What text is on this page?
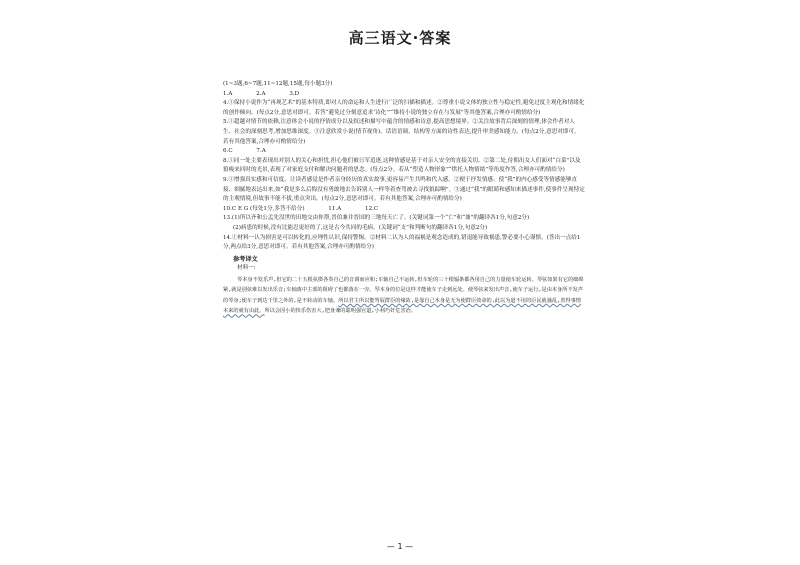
高三语文·答案

(1~3题,6~7题,11~12题,15题,每小题3分)

1.A	2.A	3.D

4.①保持小说作为“再现艺术”的基本特质,即对人的命运和人生进行广泛的扫描和描述。②尊重小说文体的独立性与稳定性,避免过度主观化和情绪化的创作倾向。(每点2分,意思对即可。若答“避免过分刻意追求‘诗化’”“维持小说的独立存在与发展”等其他答案,合理亦可酌情给分)

5.①超越对情节的依赖,注意体会小说的抒情成分以及叙述和描写中蕴含的情感和诗意,提高思想境界。②关注故事背后深刻的情理,体会作者对人生、社会的深刻思考,增加思维深度。③注意欣赏小说(情节视角)、话语语调、结构等方面的诗性表达,提升审美感知能力。(每点2分,意思对即可。若有其他答案,合理亦可酌情给分)

6.C	7.A

8.①同一处主要表现出对别人的关心和担忧,担心他们被日军追逐,这种情感是基于对亲人安全的直接关切。②第二处,侍佣出女人们面对“白菜”以及狼瘦来回时的光景,表现了对家庭支付和解决问题者的思念。(每点2分。若从“塑造人物形象”“烘托人物情绪”等角度作答,合理亦可酌情给分)

9.①增强真实感和可信度。让读者感觉是作者亲身经历的真实故事,更容易产生共鸣和代入感。②便于抒发情感。使“我”的内心感受等情感能够直接、细腻地表达出来,如“我是多么后悔没有勇敢地去告诉别人一样等着查驾被去寻找狼踪啊”。③通过“我”的眼睛和感知来描述事件,使事件呈现特定的主观情境,但故事不能不拔,重点突出。(每点2分,意思对即可。若有其他答案,合理亦可酌情给分)

10.C E G (每处1分,多答不给分)	11.A	12.C

13.(1)所以齐和公孟先没世的田地交由你帮,晋伯兼并晋国的三地每天亡了。(关键词第一个“亡”和“兼”的翻译各1分,句意2分)

(2)病患的时候,没有比能忍更好的了,这是古今共同的毛病。(关键词“支”和判断句的翻译各1分,句意2分)

14.①材料一认为损害是可以转化的,应理性认识,保持警惕。②材料二认为人的福祸是观念造成的,错退能导致祸患,警必要小心谨慎。(答出一点给1分,两点给3分,意思对即可。若有其他答案,合理亦可酌情给分)

参考译文

材料一:

琴本身不发乐声,但它的二十五根弦摄各奏自己的音调而应和;车轴自己不运转,但车轮的三十根辐条都各用自己的力量使车轮运转。琴弦如果有它的细绵紧,就是别弦难以发出乐音;车轴离中主部的阻碍了也都落在一旁。琴本身的位是这样才能使车子走到远处。使琴弦来发出声音,使车子运行,是由本身所不发声的琴身;使车子到达千里之外的,是不转动的车轴。所以君主所以能驾驭群臣的缘故,是靠自己本身是无为使群臣效命的,此以为道不用的臣民就骚乱,善得事情本来的就有由此。所以会因小的快乐伤害大,把身兼的聪明强官道,小利巧奸危害治。

— 1 —
